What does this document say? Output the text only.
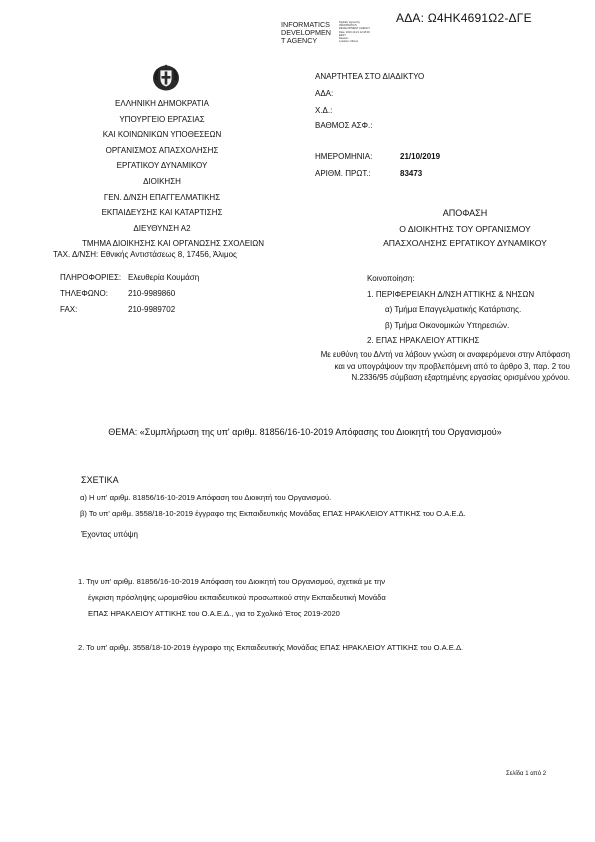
ΑΔΑ: Ω4ΗΚ4691Ω2-ΔΓΕ
INFORMATICS
DEVELOPMEN
T AGENCY
Digitally signed by
INFORMATICS
DEVELOPMENT AGENCY
Date: 2019.10.21 12:18:39
EEST
Reason:
Location: Athens
ΕΛΛΗΝΙΚΗ ΔΗΜΟΚΡΑΤΙΑ
ΥΠΟΥΡΓΕΙΟ ΕΡΓΑΣΙΑΣ
ΚΑΙ ΚΟΙΝΩΝΙΚΩΝ ΥΠΟΘΕΣΕΩΝ
ΟΡΓΑΝΙΣΜΟΣ ΑΠΑΣΧΟΛΗΣΗΣ
ΕΡΓΑΤΙΚΟΥ ΔΥΝΑΜΙΚΟΥ
ΔΙΟΙΚΗΣΗ
ΓΕΝ. Δ/ΝΣΗ ΕΠΑΓΓΕΛΜΑΤΙΚΗΣ
ΕΚΠΑΙΔΕΥΣΗΣ ΚΑΙ ΚΑΤΑΡΤΙΣΗΣ
ΔΙΕΥΘΥΝΣΗ Α2
ΤΜΗΜΑ ΔΙΟΙΚΗΣΗΣ ΚΑΙ ΟΡΓΑΝΩΣΗΣ ΣΧΟΛΕΙΩΝ
ΤΑΧ. Δ/ΝΣΗ: Εθνικής Αντιστάσεως 8, 17456, Άλιμος
ΠΛΗΡΟΦΟΡΙΕΣ: Ελευθερία Κουμάση
ΤΗΛΕΦΩΝΟ:	210-9989860
FAX:	210-9989702
ΑΝΑΡΤΗΤΕΑ ΣΤΟ ΔΙΑΔΙΚΤΥΟ
ΑΔΑ:
Χ.Δ.:
ΒΑΘΜΟΣ ΑΣΦ.:
ΗΜΕΡΟΜΗΝΙΑ:	21/10/2019
ΑΡΙΘΜ. ΠΡΩΤ.:	83473
ΑΠΟΦΑΣΗ
Ο ΔΙΟΙΚΗΤΗΣ ΤΟΥ ΟΡΓΑΝΙΣΜΟΥ
ΑΠΑΣΧΟΛΗΣΗΣ ΕΡΓΑΤΙΚΟΥ ΔΥΝΑΜΙΚΟΥ
Κοινοποίηση:
1. ΠΕΡΙΦΕΡΕΙΑΚΗ Δ/ΝΣΗ ΑΤΤΙΚΗΣ & ΝΗΣΩΝ
α) Τμήμα Επαγγελματικής Κατάρτισης.
β) Τμήμα Οικονομικών Υπηρεσιών.
2. ΕΠΑΣ ΗΡΑΚΛΕΙΟΥ ΑΤΤΙΚΗΣ
Με ευθύνη του Δ/ντή να λάβουν γνώση οι αναφερόμενοι στην Απόφαση και να υπογράψουν την προβλεπόμενη από το άρθρο 3, παρ. 2 του Ν.2336/95 σύμβαση εξαρτημένης εργασίας ορισμένου χρόνου.
ΘΕΜΑ: «Συμπλήρωση της υπ' αριθμ. 81856/16-10-2019 Απόφασης του Διοικητή του Οργανισμού»
ΣΧΕΤΙΚΑ
α) Η υπ' αριθμ. 81856/16-10-2019 Απόφαση του Διοικητή του Οργανισμού.
β) Το υπ' αριθμ. 3558/18-10-2019 έγγραφο της Εκπαιδευτικής Μονάδας ΕΠΑΣ ΗΡΑΚΛΕΙΟΥ ΑΤΤΙΚΗΣ του Ο.Α.Ε.Δ.
Έχοντας υπόψη
1. Την υπ' αριθμ. 81856/16-10-2019 Απόφαση του Διοικητή του Οργανισμού, σχετικά με την
έγκριση πρόσληψης ωρομισθίου εκπαιδευτικού προσωπικού στην Εκπαιδευτική Μονάδα
ΕΠΑΣ ΗΡΑΚΛΕΙΟΥ ΑΤΤΙΚΗΣ του Ο.Α.Ε.Δ., για το Σχολικό Έτος 2019-2020
2. Το υπ' αριθμ. 3558/18-10-2019 έγγραφο της Εκπαιδευτικής Μονάδας ΕΠΑΣ ΗΡΑΚΛΕΙΟΥ ΑΤΤΙΚΗΣ του Ο.Α.Ε.Δ.
Σελίδα 1 από 2
